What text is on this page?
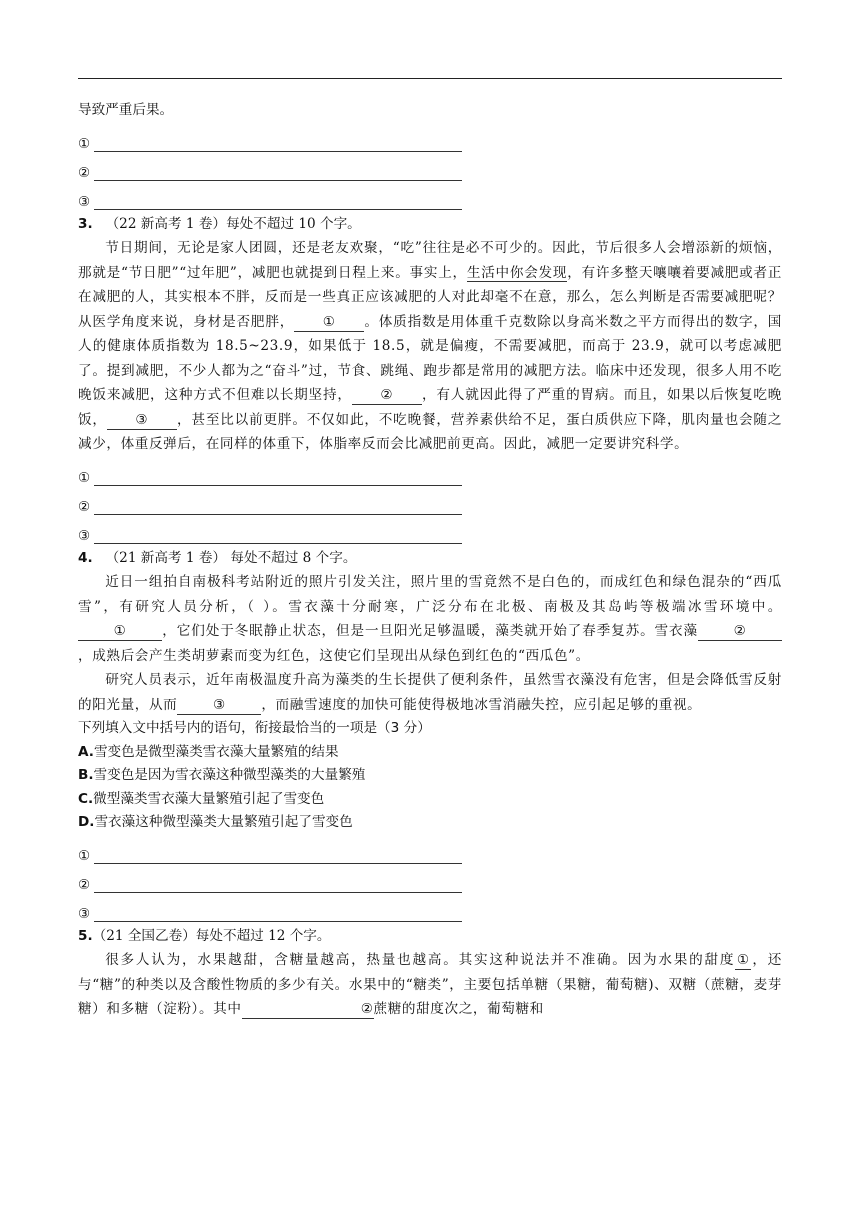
导致严重后果。
①
②
③
3. （22 新高考 1 卷）每处不超过 10 个字。

节日期间，无论是家人团圆，还是老友欢聚，“吃”往往是必不可少的。因此，节后很多人会增添新的烦恼，那就是“节日肥”“过年肥”，减肥也就提到日程上来。事实上，生活中你会发现，有许多整天嚷嚷着要减肥或者正在减肥的人，其实根本不胖，反而是一些真正应该减肥的人对此却毫不在意，那么，怎么判断是否需要减肥呢？从医学角度来说，身材是否肥胖， ① 。体质指数是用体重千克数除以身高米数之平方而得出的数字，国人的健康体质指数为 18.5~23.9，如果低于 18.5，就是偏瘦，不需要减肥，而高于 23.9，就可以考虑减肥了。提到减肥，不少人都为之“奋斗”过，节食、跳绳、跑步都是常用的减肥方法。临床中还发现，很多人用不吃晚饭来减肥，这种方式不但难以长期坚持， ② ，有人就因此得了严重的胃病。而且，如果以后恢复吃晚饭， ③ ，甚至比以前更胖。不仅如此，不吃晚餐，营养素供给不足，蛋白质供应下降，肌肉量也会随之减少，体重反弹后，在同样的体重下，体脂率反而会比减肥前更高。因此，减肥一定要讲究科学。

①
②
③
4. （21 新高考 1 卷） 每处不超过 8 个字。

近日一组拍自南极科考站附近的照片引发关注，照片里的雪竟然不是白色的，而成红色和绿色混杂的“西瓜雪”，有研究人员分析，（ ）。雪衣藻十分耐寒，广泛分布在北极、南极及其岛屿等极端冰雪环境中。①	，它们处于冬眠静止状态，但是一旦阳光足够温暖，藻类就开始了春季复苏。雪衣藻	②，成熟后会产生类胡萝素而变为红色，这使它们呈现出从绿色到红色的“西瓜色”。

研究人员表示，近年南极温度升高为藻类的生长提供了便利条件，虽然雪衣藻没有危害，但是会降低雪反射的阳光量，从而	③	，而融雪速度的加快可能使得极地冰雪消融失控，应引起足够的重视。

下列填入文中括号内的语句，衔接最恰当的一项是（3 分）
A.雪变色是微型藻类雪衣藻大量繁殖的结果
B.雪变色是因为雪衣藻这种微型藻类的大量繁殖
C.微型藻类雪衣藻大量繁殖引起了雪变色
D.雪衣藻这种微型藻类大量繁殖引起了雪变色
①
②
③
5.（21 全国乙卷）每处不超过 12 个字。

很多人认为，水果越甜，含糖量越高，热量也越高。其实这种说法并不准确。因为水果的甜度 ① ，还与“糖”的种类以及含酸性物质的多少有关。水果中的“糖类”，主要包括单糖（果糖，葡萄糖)、双糖（蔗糖，麦芽糖）和多糖（淀粉）。其中	②蔗糖的甜度次之，葡萄糖和
